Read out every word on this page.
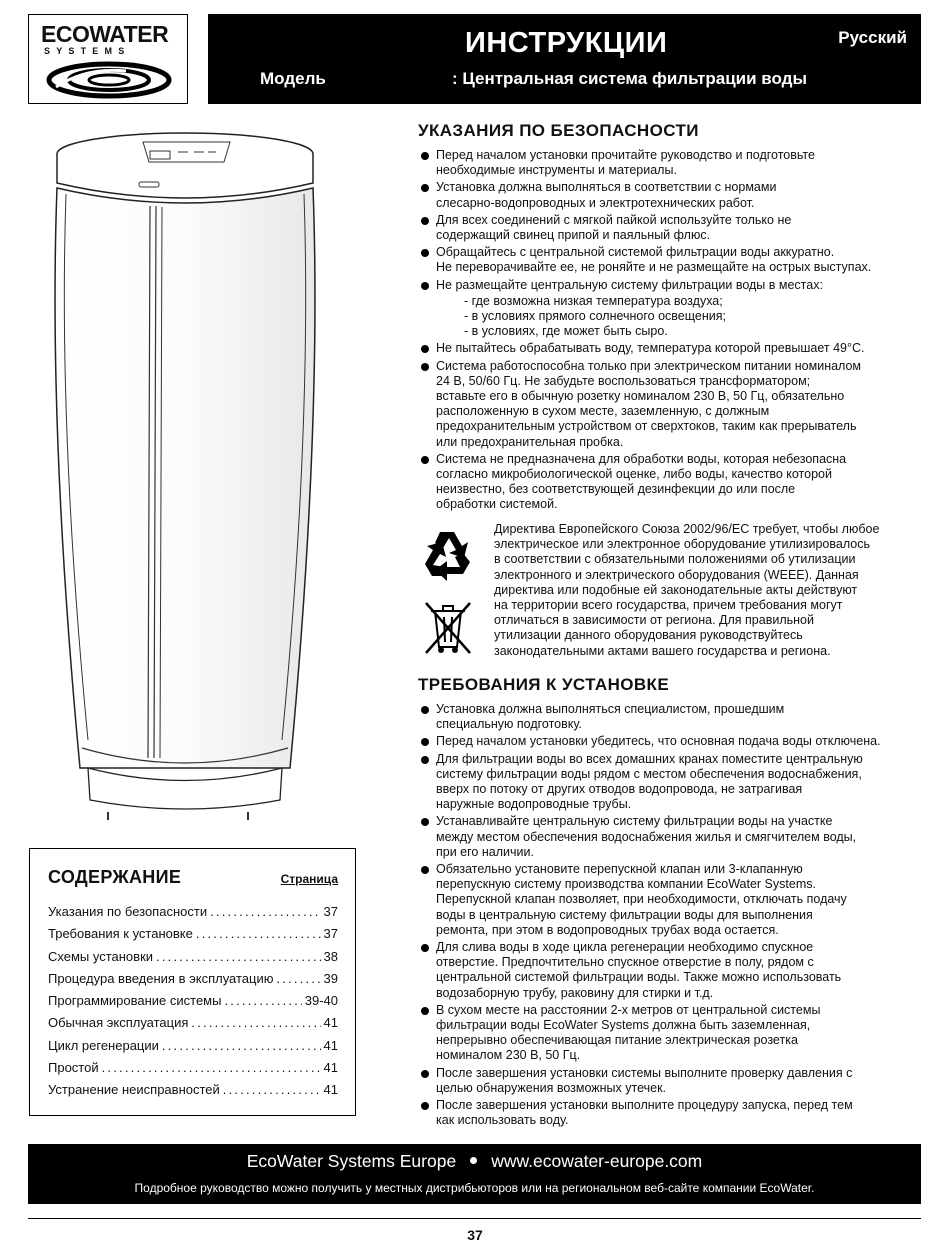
ECOWATER
SYSTEMS	ИНСТРУКЦИИ	Русский
Модель	: Центральная система фильтрации воды
СОДЕРЖАНИЕ	Страница
Указания по безопасности .....	37
Требования к установке .....	37
Схемы установки .....	38
Процедура введения в эксплуатацию .....	39
Программирование системы .....	39-40
Обычная эксплуатация .....	41
Цикл регенерации .....	41
Простой .....	41
Устранение неисправностей .....	41
УКАЗАНИЯ ПО БЕЗОПАСНОСТИ
Перед началом установки прочитайте руководство и подготовьте
необходимые инструменты и материалы.
Установка должна выполняться в соответствии с нормами
слесарно-водопроводных и электротехнических работ.
Для всех соединений с мягкой пайкой используйте только не
содержащий свинец припой и паяльный флюс.
Обращайтесь с центральной системой фильтрации воды аккуратно.
Не переворачивайте ее, не роняйте и не размещайте на острых выступах.
Не размещайте центральную систему фильтрации воды в местах:
- где возможна низкая температура воздуха;
- в условиях прямого солнечного освещения;
- в условиях, где может быть сыро.
Не пытайтесь обрабатывать воду, температура которой превышает 49°C.
Система работоспособна только при электрическом питании номиналом
24 В, 50/60 Гц. Не забудьте воспользоваться трансформатором;
вставьте его в обычную розетку номиналом 230 В, 50 Гц, обязательно
расположенную в сухом месте, заземленную, с должным
предохранительным устройством от сверхтоков, таким как прерыватель
или предохранительная пробка.
Система не предназначена для обработки воды, которая небезопасна
согласно микробиологической оценке, либо воды, качество которой
неизвестно, без соответствующей дезинфекции до или после
обработки системой.

Директива Европейского Союза 2002/96/EC требует, чтобы любое
электрическое или электронное оборудование утилизировалось
в соответствии с обязательными положениями об утилизации
электронного и электрического оборудования (WEEE). Данная
директива или подобные ей законодательные акты действуют
на территории всего государства, причем требования могут
отличаться в зависимости от региона. Для правильной
утилизации данного оборудования руководствуйтесь
законодательными актами вашего государства и региона.
ТРЕБОВАНИЯ К УСТАНОВКЕ
Установка должна выполняться специалистом, прошедшим
специальную подготовку.
Перед началом установки убедитесь, что основная подача воды отключена.
Для фильтрации воды во всех домашних кранах поместите центральную
систему фильтрации воды рядом с местом обеспечения водоснабжения,
вверх по потоку от других отводов водопровода, не затрагивая
наружные водопроводные трубы.
Устанавливайте центральную систему фильтрации воды на участке
между местом обеспечения водоснабжения жилья и смягчителем воды,
при его наличии.
Обязательно установите перепускной клапан или 3-клапанную
перепускную систему производства компании EcoWater Systems.
Перепускной клапан позволяет, при необходимости, отключать подачу
воды в центральную систему фильтрации воды для выполнения
ремонта, при этом в водопроводных трубах вода остается.
Для слива воды в ходе цикла регенерации необходимо спускное
отверстие. Предпочтительно спускное отверстие в полу, рядом с
центральной системой фильтрации воды. Также можно использовать
водозаборную трубу, раковину для стирки и т.д.
В сухом месте на расстоянии 2-х метров от центральной системы
фильтрации воды EcoWater Systems должна быть заземленная,
непрерывно обеспечивающая питание электрическая розетка
номиналом 230 В, 50 Гц.
После завершения установки системы выполните проверку давления с
целью обнаружения возможных утечек.
После завершения установки выполните процедуру запуска, перед тем
как использовать воду.
EcoWater Systems Europe www.ecowater-europe.com
Подробное руководство можно получить у местных дистрибьюторов или на региональном веб-сайте компании EcoWater.
37
